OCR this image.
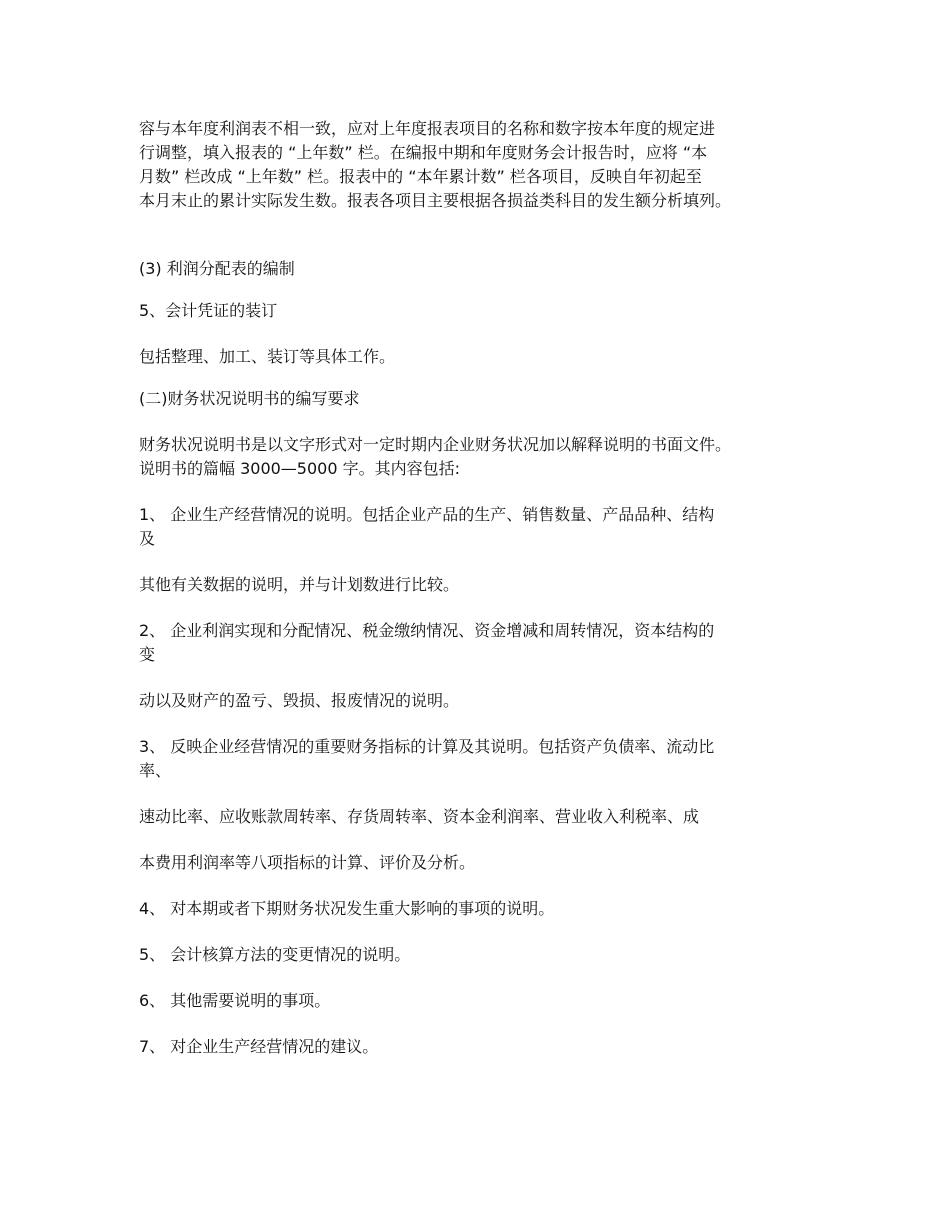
容与本年度利润表不相一致，应对上年度报表项目的名称和数字按本年度的规定进
行调整，填入报表的 “上年数” 栏。在编报中期和年度财务会计报告时，应将 “本
月数” 栏改成 “上年数” 栏。报表中的 “本年累计数” 栏各项目，反映自年初起至
本月末止的累计实际发生数。报表各项目主要根据各损益类科目的发生额分析填列。
(3) 利润分配表的编制
5、会计凭证的装订
包括整理、加工、装订等具体工作。
(二)财务状况说明书的编写要求
财务状况说明书是以文字形式对一定时期内企业财务状况加以解释说明的书面文件。
说明书的篇幅 3000—5000 字。其内容包括:
1、 企业生产经营情况的说明。包括企业产品的生产、销售数量、产品品种、结构
及
其他有关数据的说明，并与计划数进行比较。
2、 企业利润实现和分配情况、税金缴纳情况、资金增减和周转情况，资本结构的
变
动以及财产的盈亏、毁损、报废情况的说明。
3、 反映企业经营情况的重要财务指标的计算及其说明。包括资产负债率、流动比
率、
速动比率、应收账款周转率、存货周转率、资本金利润率、营业收入利税率、成
本费用利润率等八项指标的计算、评价及分析。
4、 对本期或者下期财务状况发生重大影响的事项的说明。
5、 会计核算方法的变更情况的说明。
6、 其他需要说明的事项。
7、 对企业生产经营情况的建议。
